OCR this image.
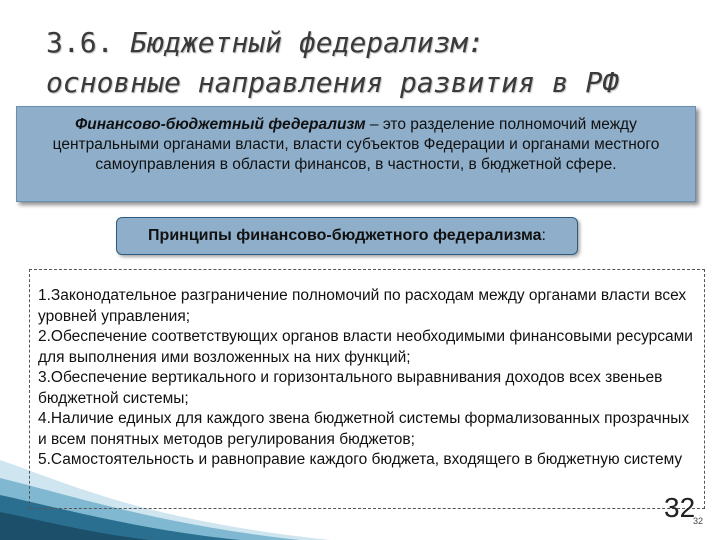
3.6. Бюджетный федерализм:
основные направления развития в РФ
Финансово-бюджетный федерализм – это разделение полномочий между центральными органами власти, власти субъектов Федерации и органами местного самоуправления в области финансов, в частности, в бюджетной сфере.
Принципы финансово-бюджетного федерализма:

1.Законодательное разграничение полномочий по расходам между органами власти всех уровней управления;

2.Обеспечение соответствующих органов власти необходимыми финансовыми ресурсами для выполнения ими возложенных на них функций;

3.Обеспечение вертикального и горизонтального выравнивания доходов всех звеньев бюджетной системы;

4.Наличие единых для каждого звена бюджетной системы формализованных прозрачных и всем понятных методов регулирования бюджетов;

5.Самостоятельность и равноправие каждого бюджета, входящего в бюджетную систему

32
32
